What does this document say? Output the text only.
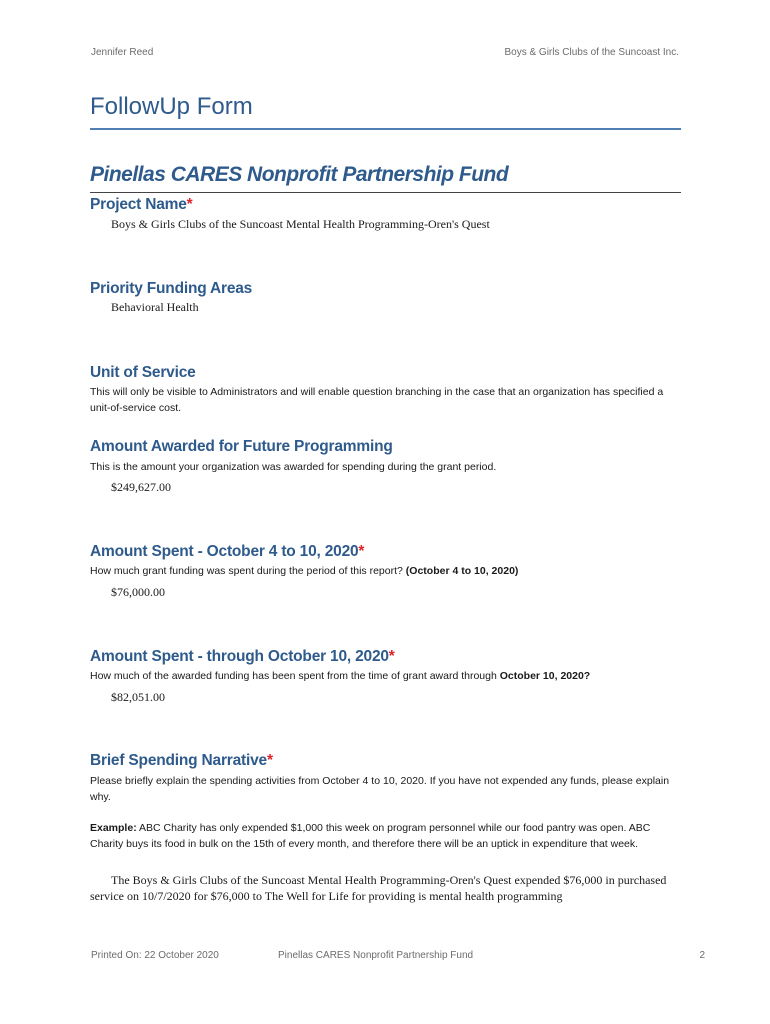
Jennifer Reed	Boys & Girls Clubs of the Suncoast Inc.
FollowUp Form
Pinellas CARES Nonprofit Partnership Fund
Project Name*
Boys & Girls Clubs of the Suncoast Mental Health Programming-Oren's Quest
Priority Funding Areas
Behavioral Health
Unit of Service
This will only be visible to Administrators and will enable question branching in the case that an organization has specified a unit-of-service cost.
Amount Awarded for Future Programming
This is the amount your organization was awarded for spending during the grant period.
$249,627.00
Amount Spent - October 4 to 10, 2020*
How much grant funding was spent during the period of this report? (October 4 to 10, 2020)
$76,000.00
Amount Spent - through October 10, 2020*
How much of the awarded funding has been spent from the time of grant award through October 10, 2020?
$82,051.00
Brief Spending Narrative*
Please briefly explain the spending activities from October 4 to 10, 2020. If you have not expended any funds, please explain why.
Example: ABC Charity has only expended $1,000 this week on program personnel while our food pantry was open. ABC Charity buys its food in bulk on the 15th of every month, and therefore there will be an uptick in expenditure that week.
The Boys & Girls Clubs of the Suncoast Mental Health Programming-Oren's Quest expended $76,000 in purchased service on 10/7/2020 for $76,000 to The Well for Life for providing is mental health programming
Printed On: 22 October 2020	Pinellas CARES Nonprofit Partnership Fund	2
